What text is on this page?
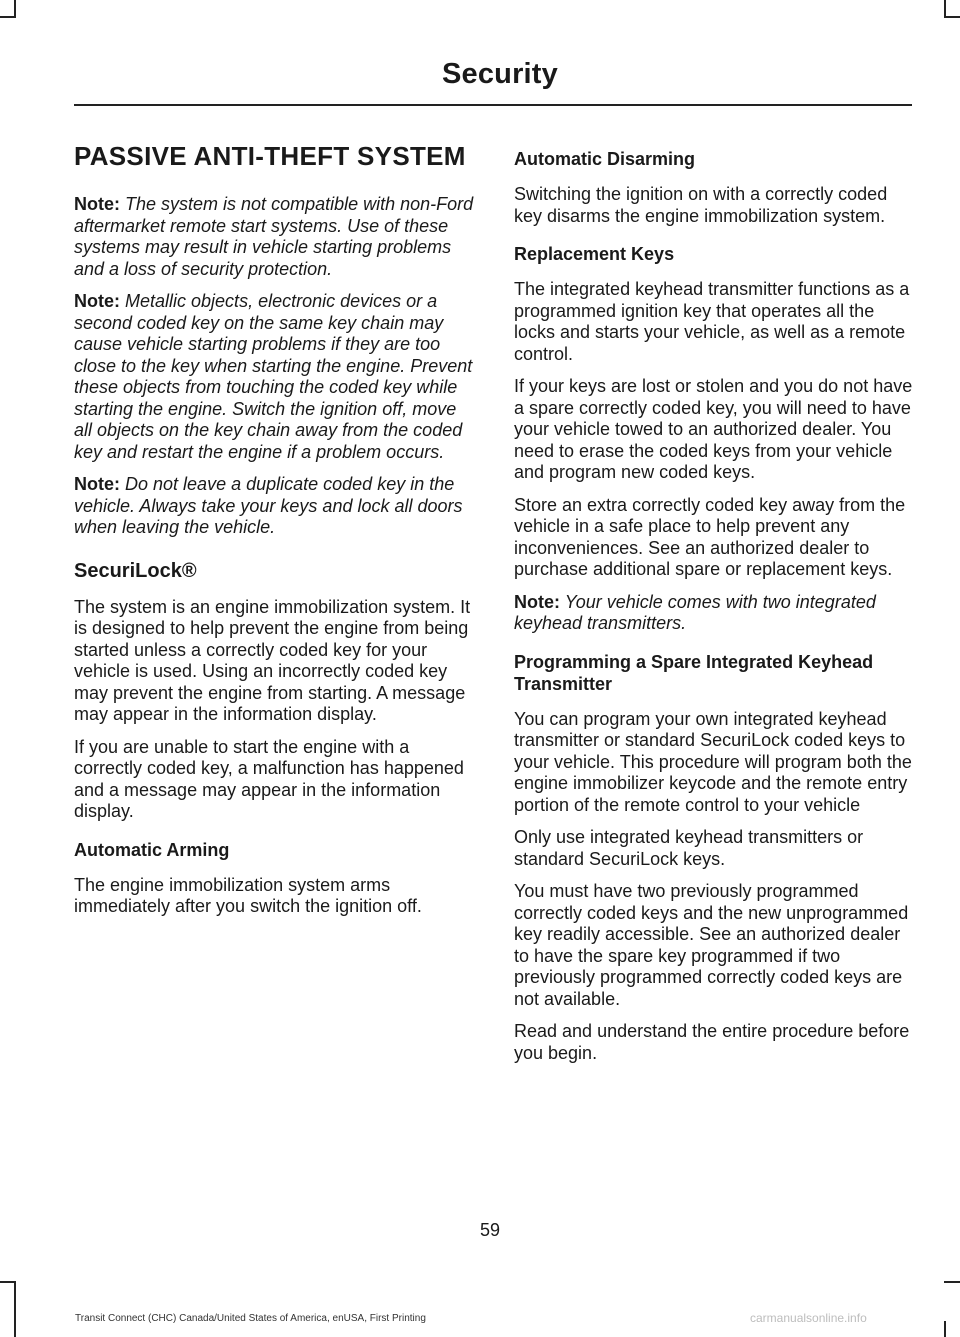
Security
PASSIVE ANTI-THEFT SYSTEM

Note: The system is not compatible with non-Ford aftermarket remote start systems. Use of these systems may result in vehicle starting problems and a loss of security protection.

Note: Metallic objects, electronic devices or a second coded key on the same key chain may cause vehicle starting problems if they are too close to the key when starting the engine. Prevent these objects from touching the coded key while starting the engine. Switch the ignition off, move all objects on the key chain away from the coded key and restart the engine if a problem occurs.

Note: Do not leave a duplicate coded key in the vehicle. Always take your keys and lock all doors when leaving the vehicle.

SecuriLock®

The system is an engine immobilization system. It is designed to help prevent the engine from being started unless a correctly coded key for your vehicle is used. Using an incorrectly coded key may prevent the engine from starting. A message may appear in the information display.

If you are unable to start the engine with a correctly coded key, a malfunction has happened and a message may appear in the information display.

Automatic Arming

The engine immobilization system arms immediately after you switch the ignition off.

Automatic Disarming

Switching the ignition on with a correctly coded key disarms the engine immobilization system.

Replacement Keys

The integrated keyhead transmitter functions as a programmed ignition key that operates all the locks and starts your vehicle, as well as a remote control.

If your keys are lost or stolen and you do not have a spare correctly coded key, you will need to have your vehicle towed to an authorized dealer. You need to erase the coded keys from your vehicle and program new coded keys.

Store an extra correctly coded key away from the vehicle in a safe place to help prevent any inconveniences. See an authorized dealer to purchase additional spare or replacement keys.

Note: Your vehicle comes with two integrated keyhead transmitters.

Programming a Spare Integrated Keyhead Transmitter

You can program your own integrated keyhead transmitter or standard SecuriLock coded keys to your vehicle. This procedure will program both the engine immobilizer keycode and the remote entry portion of the remote control to your vehicle

Only use integrated keyhead transmitters or standard SecuriLock keys.

You must have two previously programmed correctly coded keys and the new unprogrammed key readily accessible. See an authorized dealer to have the spare key programmed if two previously programmed correctly coded keys are not available.

Read and understand the entire procedure before you begin.

59
Transit Connect (CHC) Canada/United States of America, enUSA, First Printing	carmanualsonline.info
